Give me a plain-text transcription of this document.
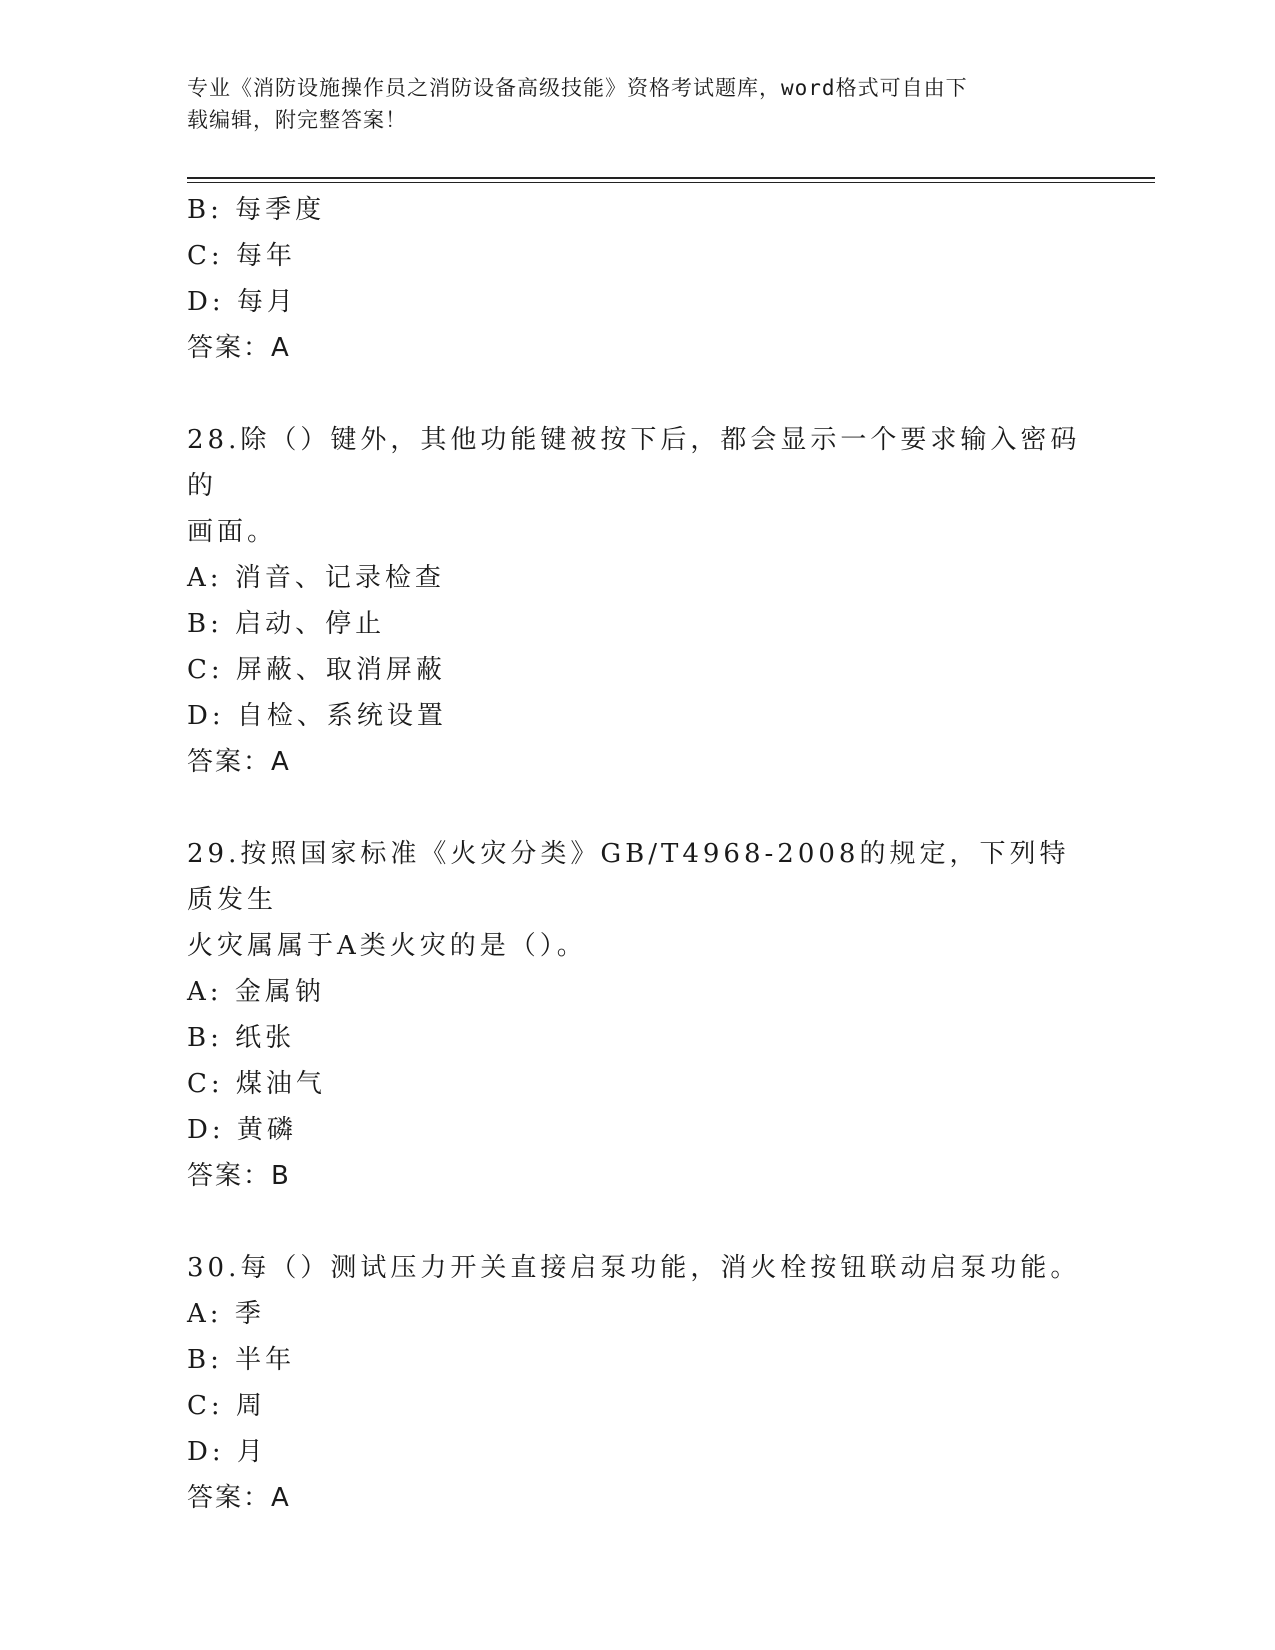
专业《消防设施操作员之消防设备高级技能》资格考试题库，word格式可自由下
载编辑，附完整答案！
B: 每季度
C: 每年
D: 每月
答案：A
28.除（）键外，其他功能键被按下后，都会显示一个要求输入密码的
画面。
A: 消音、记录检查
B: 启动、停止
C: 屏蔽、取消屏蔽
D: 自检、系统设置
答案：A
29.按照国家标准《火灾分类》GB/T4968-2008的规定，下列特质发生
火灾属属于A类火灾的是（）。
A: 金属钠
B: 纸张
C: 煤油气
D: 黄磷
答案：B
30.每（）测试压力开关直接启泵功能，消火栓按钮联动启泵功能。
A: 季
B: 半年
C: 周
D: 月
答案：A
